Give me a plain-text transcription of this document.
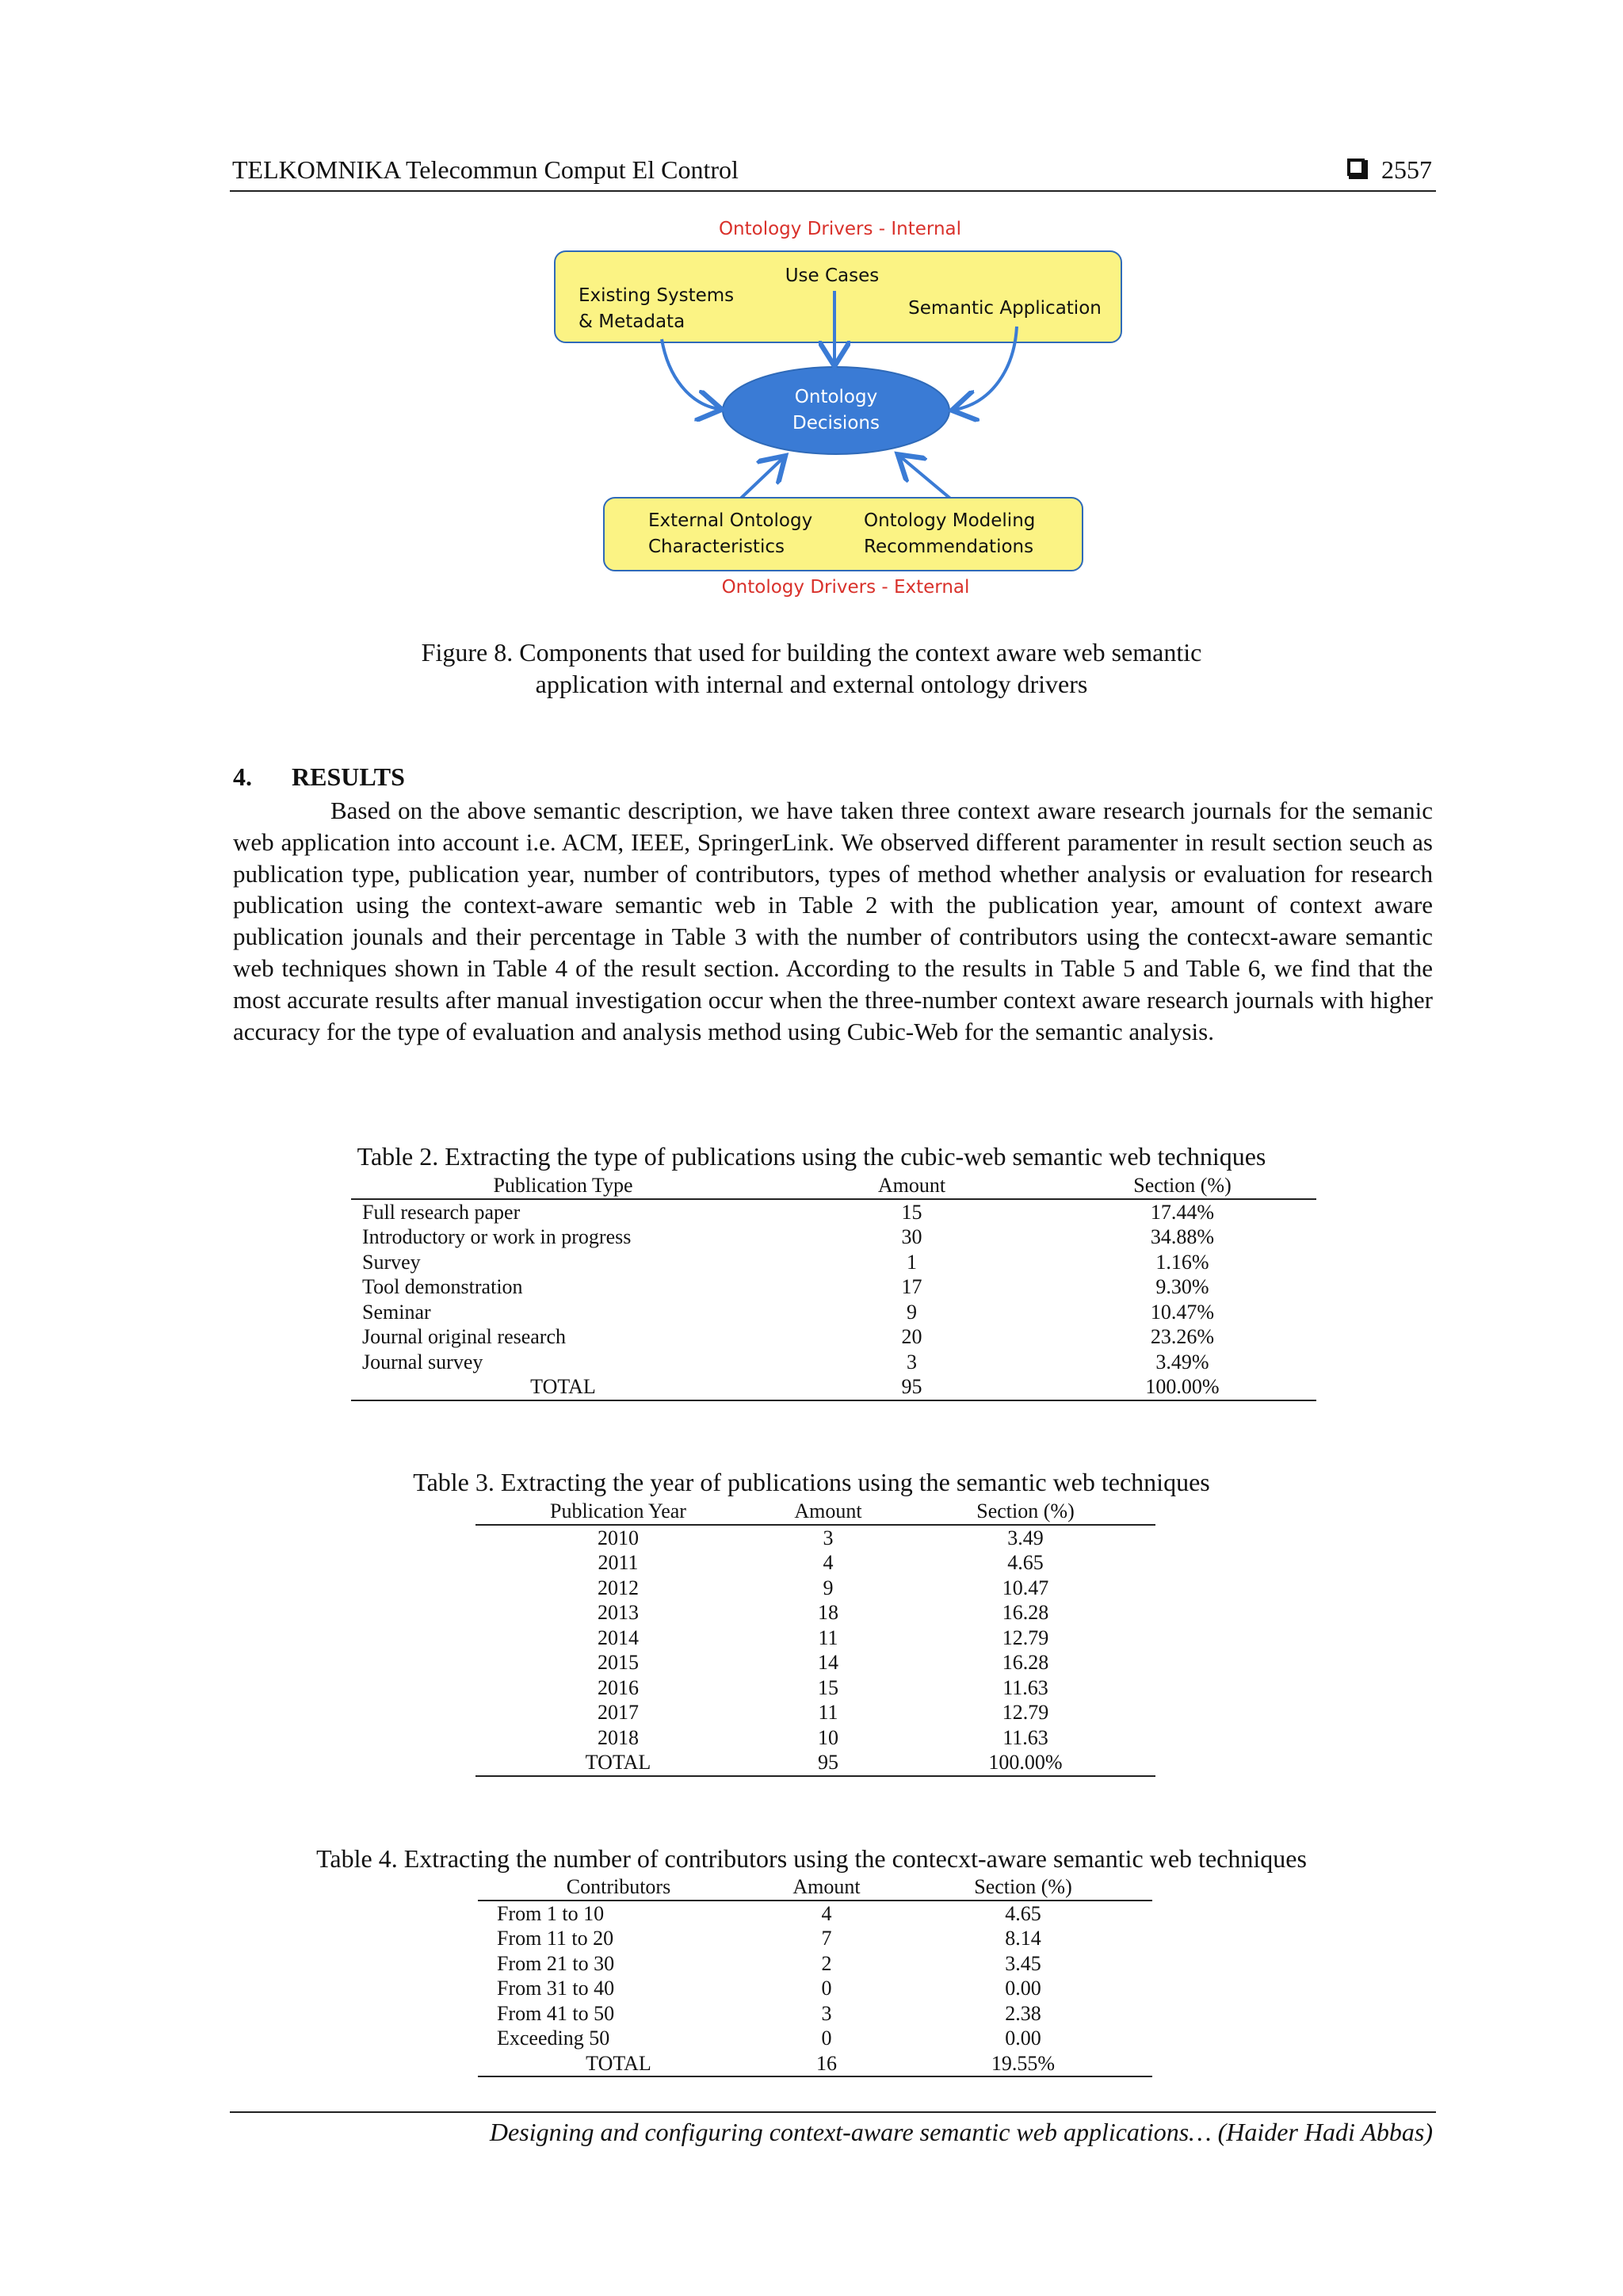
TELKOMNIKA Telecommun Comput El Control	2557
Ontology Drivers - Internal
Existing Systems
& Metadata
Use Cases
Semantic Application
Ontology
Decisions
External Ontology
Characteristics
Ontology Modeling
Recommendations
Ontology Drivers - External
Figure 8. Components that used for building the context aware web semantic
application with internal and external ontology drivers
4. RESULTS
Based on the above semantic description, we have taken three context aware research journals for the semanic web application into account i.e. ACM, IEEE, SpringerLink. We observed different paramenter in result section seuch as publication type, publication year, number of contributors, types of method whether analysis or evaluation for research publication using the context-aware semantic web in Table 2 with the publication year, amount of context aware publication jounals and their percentage in Table 3 with the number of contributors using the contecxt-aware semantic web techniques shown in Table 4 of the result section. According to the results in Table 5 and Table 6, we find that the most accurate results after manual investigation occur when the three-number context aware research journals with higher accuracy for the type of evaluation and analysis method using Cubic-Web for the semantic analysis.
Table 2. Extracting the type of publications using the cubic-web semantic web techniques
Publication Type	Amount	Section (%)
Full research paper	15	17.44%
Introductory or work in progress	30	34.88%
Survey	1	1.16%
Tool demonstration	17	9.30%
Seminar	9	10.47%
Journal original research	20	23.26%
Journal survey	3	3.49%
TOTAL	95	100.00%
Table 3. Extracting the year of publications using the semantic web techniques
Publication Year	Amount	Section (%)
2010	3	3.49
2011	4	4.65
2012	9	10.47
2013	18	16.28
2014	11	12.79
2015	14	16.28
2016	15	11.63
2017	11	12.79
2018	10	11.63
TOTAL	95	100.00%
Table 4. Extracting the number of contributors using the contecxt-aware semantic web techniques
Contributors	Amount	Section (%)
From 1 to 10	4	4.65
From 11 to 20	7	8.14
From 21 to 30	2	3.45
From 31 to 40	0	0.00
From 41 to 50	3	2.38
Exceeding 50	0	0.00
TOTAL	16	19.55%
Designing and configuring context-aware semantic web applications… (Haider Hadi Abbas)
